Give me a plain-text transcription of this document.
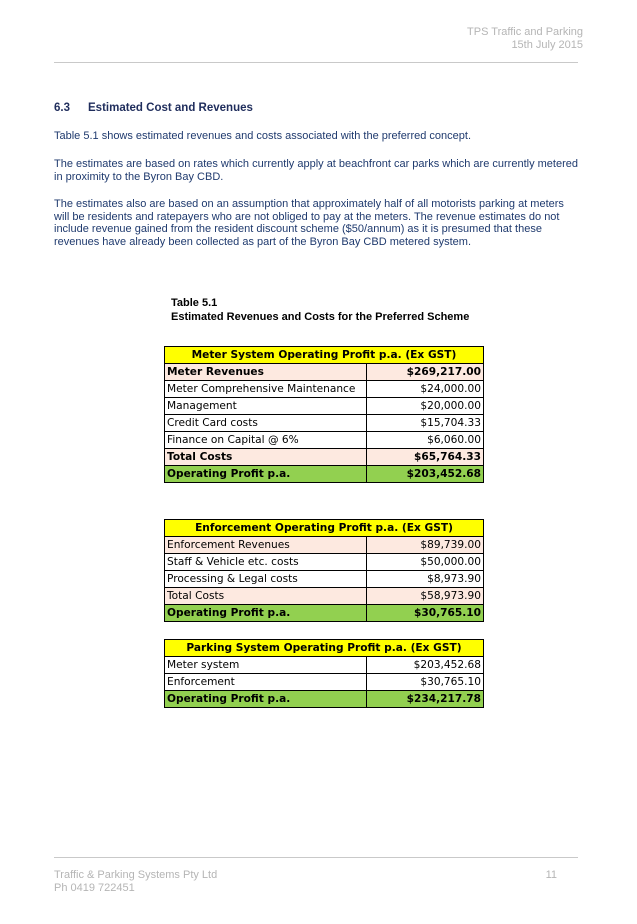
TPS Traffic and Parking
15th July 2015
6.3 Estimated Cost and Revenues

Table 5.1 shows estimated revenues and costs associated with the preferred concept.

The estimates are based on rates which currently apply at beachfront car parks which are currently metered in proximity to the Byron Bay CBD.

The estimates also are based on an assumption that approximately half of all motorists parking at meters will be residents and ratepayers who are not obliged to pay at the meters. The revenue estimates do not include revenue gained from the resident discount scheme ($50/annum) as it is presumed that these revenues have already been collected as part of the Byron Bay CBD metered system.

Table 5.1
Estimated Revenues and Costs for the Preferred Scheme
Meter System Operating Profit p.a. (Ex GST)	
Meter Revenues	$269,217.00
Meter Comprehensive Maintenance	$24,000.00
Management	$20,000.00
Credit Card costs	$15,704.33
Finance on Capital @ 6%	$6,060.00
Total Costs	$65,764.33
Operating Profit p.a.	$203,452.68
Enforcement Operating Profit p.a. (Ex GST)	
Enforcement Revenues	$89,739.00
Staff & Vehicle etc. costs	$50,000.00
Processing & Legal costs	$8,973.90
Total Costs	$58,973.90
Operating Profit p.a.	$30,765.10
Parking System Operating Profit p.a. (Ex GST)	
Meter system	$203,452.68
Enforcement	$30,765.10
Operating Profit p.a.	$234,217.78
Traffic & Parking Systems Pty Ltd
Ph 0419 722451
11
